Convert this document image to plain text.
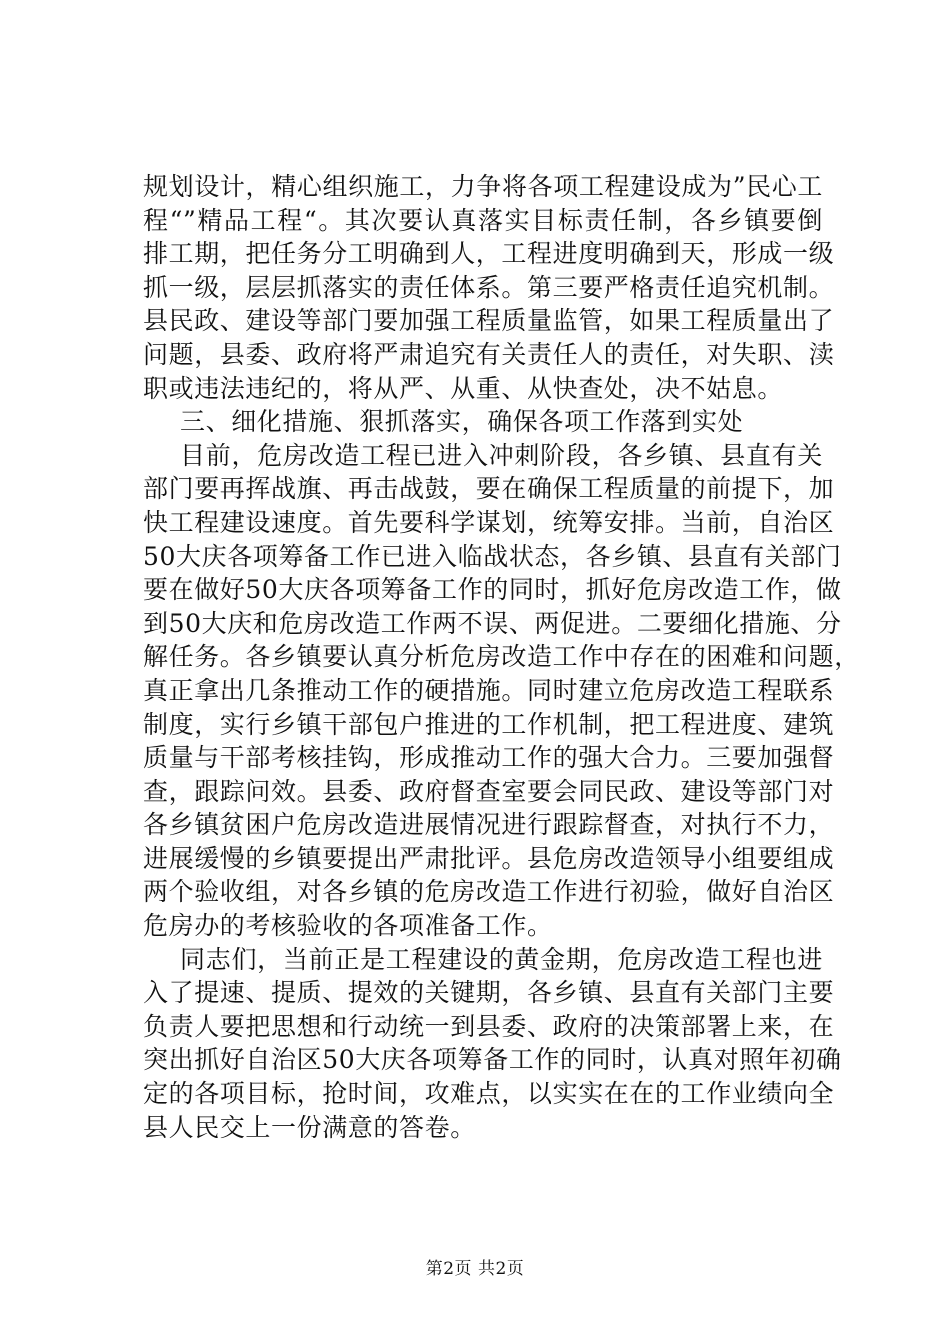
规划设计，精心组织施工，力争将各项工程建设成为”民心工
程“”精品工程“。其次要认真落实目标责任制，各乡镇要倒
排工期，把任务分工明确到人，工程进度明确到天，形成一级
抓一级，层层抓落实的责任体系。第三要严格责任追究机制。
县民政、建设等部门要加强工程质量监管，如果工程质量出了
问题，县委、政府将严肃追究有关责任人的责任，对失职、渎
职或违法违纪的，将从严、从重、从快查处，决不姑息。
三、细化措施、狠抓落实，确保各项工作落到实处
目前，危房改造工程已进入冲刺阶段，各乡镇、县直有关
部门要再挥战旗、再击战鼓，要在确保工程质量的前提下，加
快工程建设速度。首先要科学谋划，统筹安排。当前，自治区
50大庆各项筹备工作已进入临战状态，各乡镇、县直有关部门
要在做好50大庆各项筹备工作的同时，抓好危房改造工作，做
到50大庆和危房改造工作两不误、两促进。二要细化措施、分
解任务。各乡镇要认真分析危房改造工作中存在的困难和问题，
真正拿出几条推动工作的硬措施。同时建立危房改造工程联系
制度，实行乡镇干部包户推进的工作机制，把工程进度、建筑
质量与干部考核挂钩，形成推动工作的强大合力。三要加强督
查，跟踪问效。县委、政府督查室要会同民政、建设等部门对
各乡镇贫困户危房改造进展情况进行跟踪督查，对执行不力，
进展缓慢的乡镇要提出严肃批评。县危房改造领导小组要组成
两个验收组，对各乡镇的危房改造工作进行初验，做好自治区
危房办的考核验收的各项准备工作。
同志们，当前正是工程建设的黄金期，危房改造工程也进
入了提速、提质、提效的关键期，各乡镇、县直有关部门主要
负责人要把思想和行动统一到县委、政府的决策部署上来，在
突出抓好自治区50大庆各项筹备工作的同时，认真对照年初确
定的各项目标，抢时间，攻难点，以实实在在的工作业绩向全
县人民交上一份满意的答卷。
第2页 共2页
